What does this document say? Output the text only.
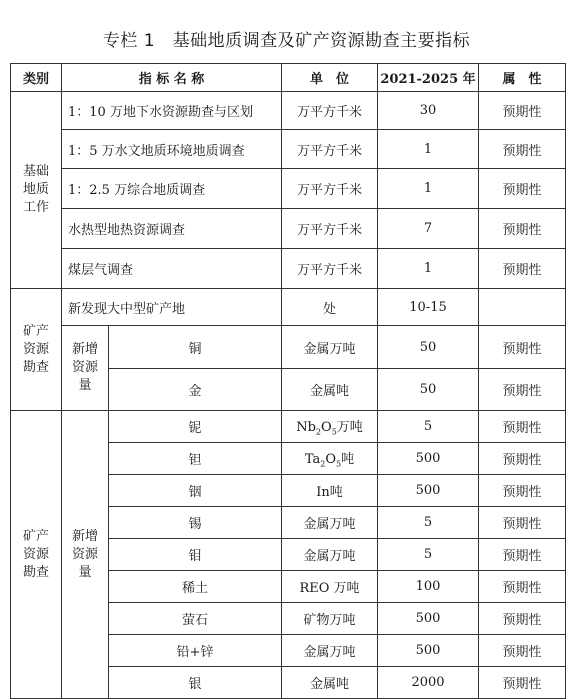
专栏 1　基础地质调查及矿产资源勘查主要指标
类别	指 标 名 称		单　位	2021-2025 年	属　性

基础地质工作	1：10 万地下水资源勘查与区划		万平方千米	30	预期性
	1：5 万水文地质环境地质调查		万平方千米	1	预期性
	1：2.5 万综合地质调查		万平方千米	1	预期性
	水热型地热资源调查		万平方千米	7	预期性
	煤层气调查		万平方千米	1	预期性

矿产资源勘查	新发现大中型矿产地		处	10-15	

	新增资源量	铜	金属万吨	50	预期性
		金	金属吨	50	预期性

矿产资源勘查	新增资源量	铌	$Nb_2O_5$万吨	5	预期性
		钽	$Ta_2O_5$吨	500	预期性
		铟	In吨	500	预期性
		锡	金属万吨	5	预期性
		钼	金属万吨	5	预期性
		稀土	REO 万吨	100	预期性
		萤石	矿物万吨	500	预期性
		铅+锌	金属万吨	500	预期性
		银	金属吨	2000	预期性
